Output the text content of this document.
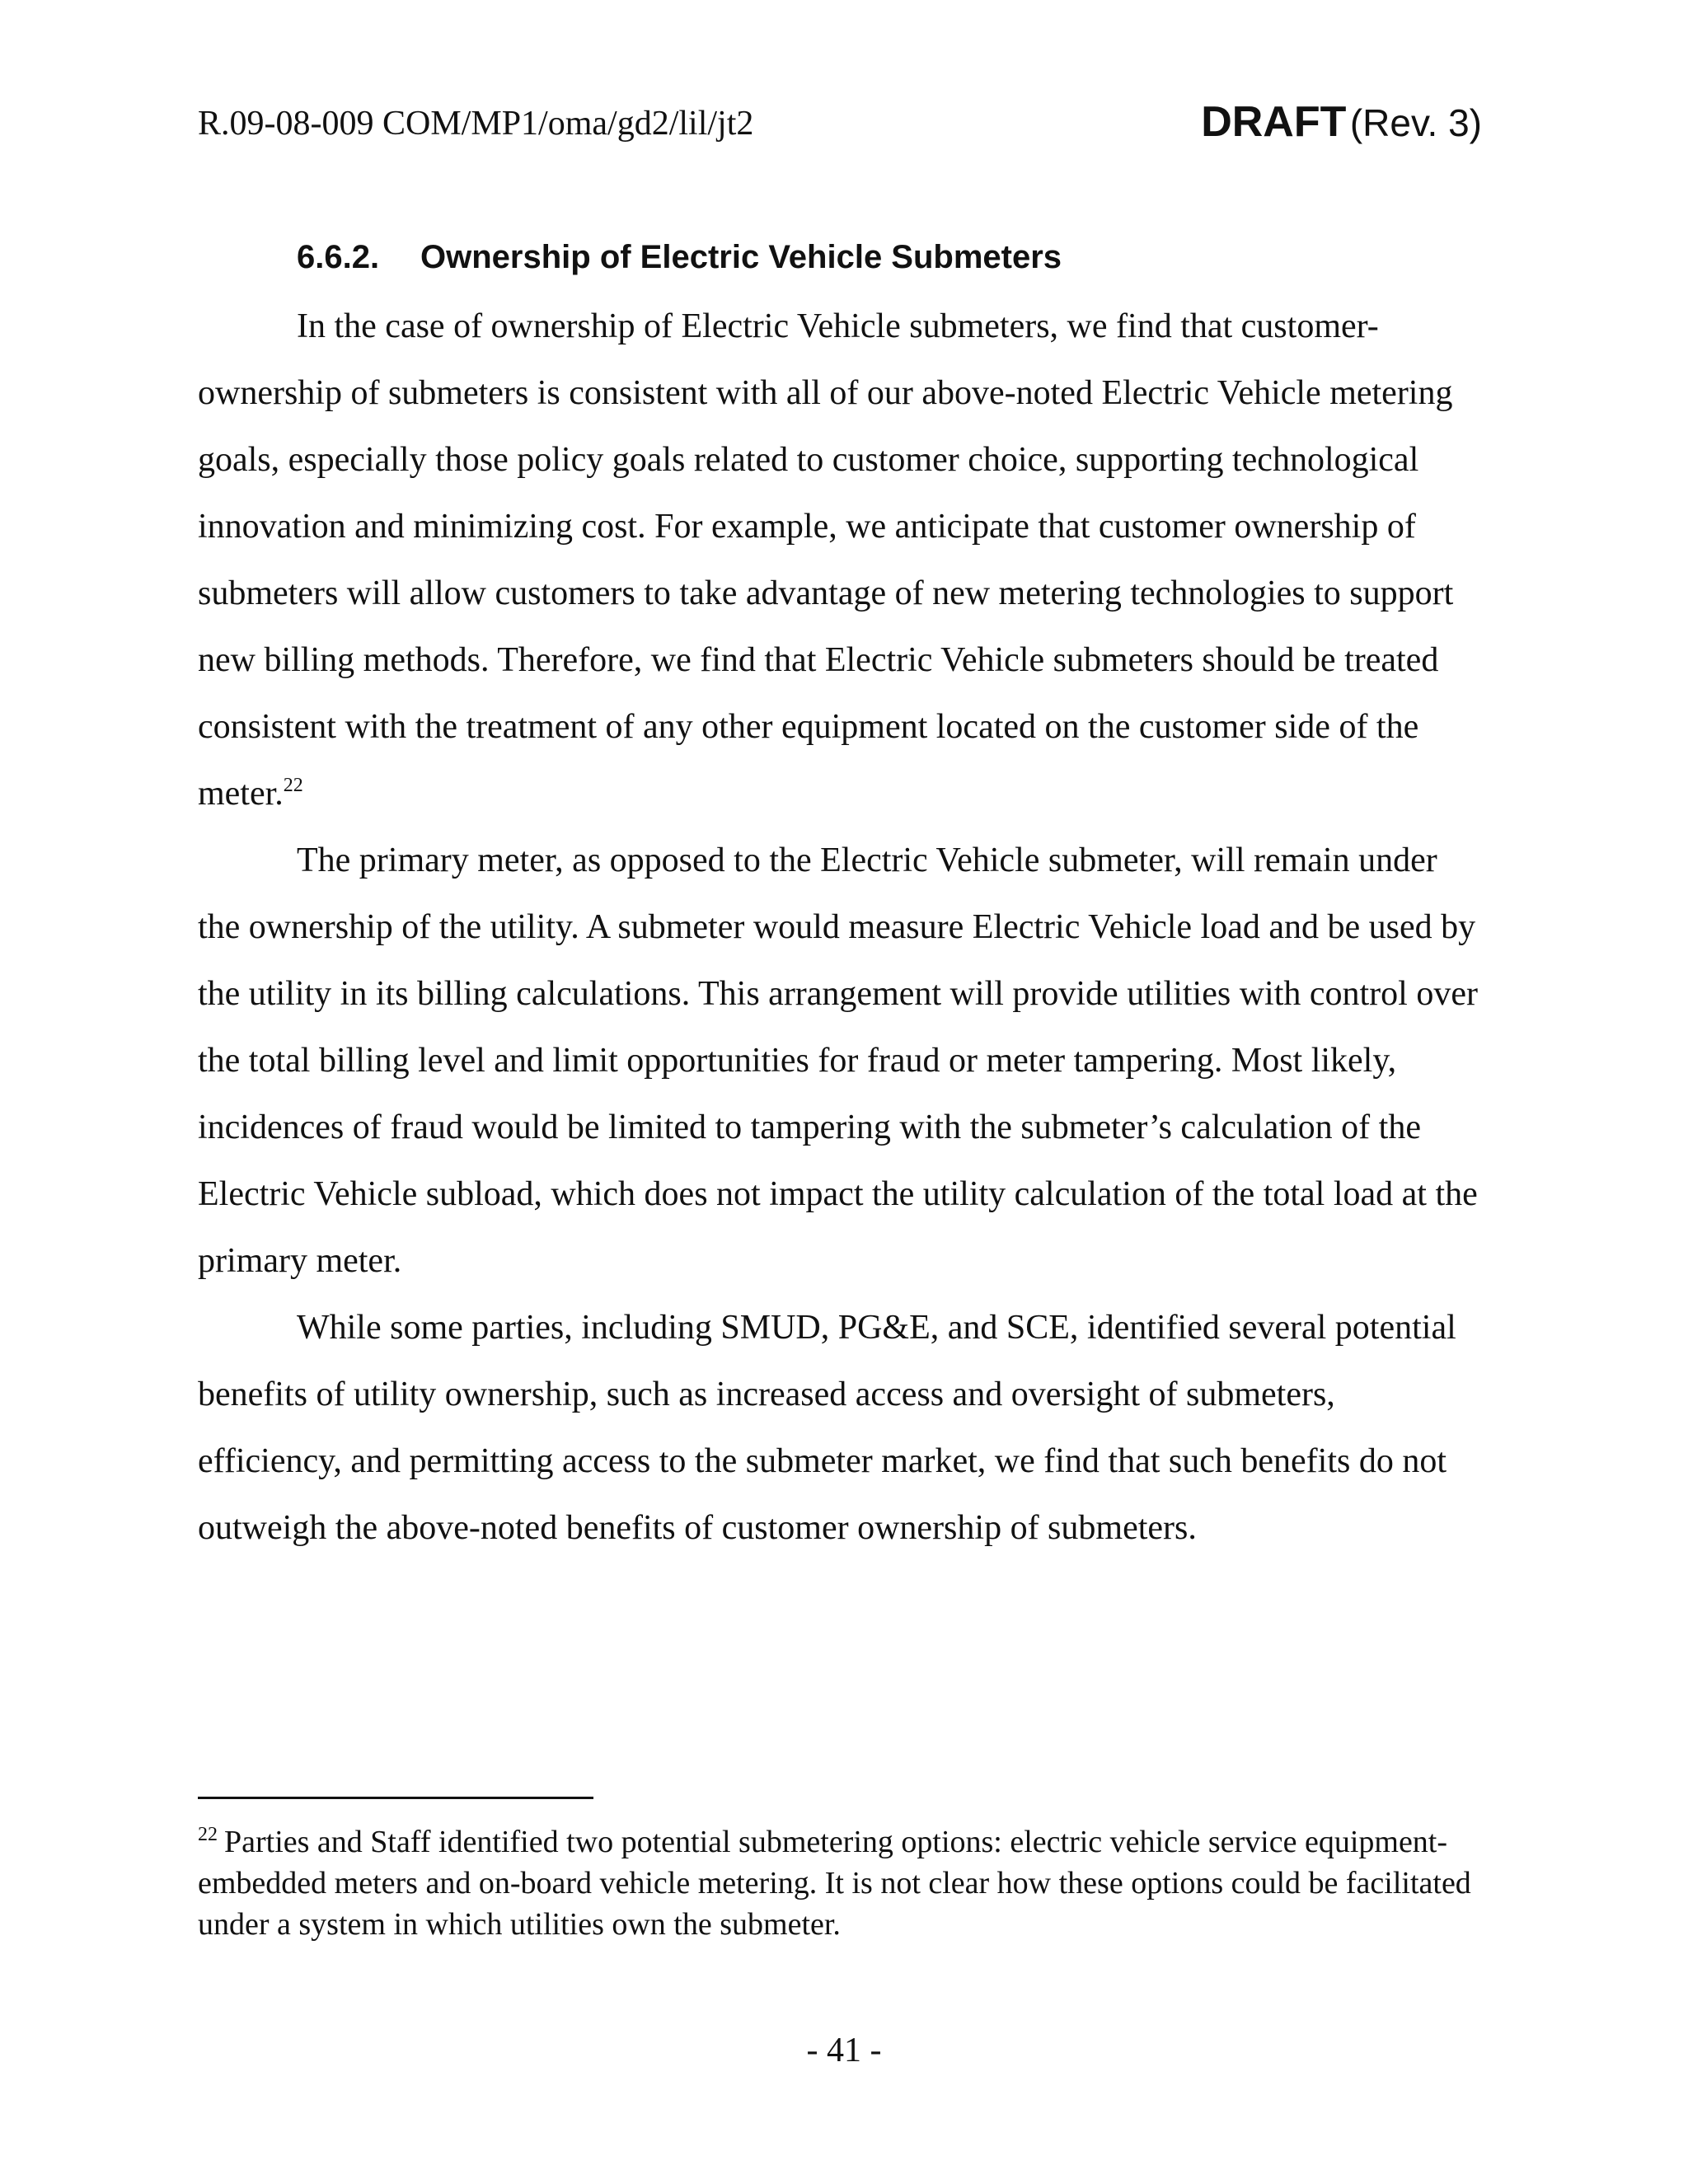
R.09-08-009 COM/MP1/oma/gd2/lil/jt2	DRAFT (Rev. 3)
6.6.2. Ownership of Electric Vehicle Submeters

In the case of ownership of Electric Vehicle submeters, we find that customer-ownership of submeters is consistent with all of our above-noted Electric Vehicle metering goals, especially those policy goals related to customer choice, supporting technological innovation and minimizing cost. For example, we anticipate that customer ownership of submeters will allow customers to take advantage of new metering technologies to support new billing methods. Therefore, we find that Electric Vehicle submeters should be treated consistent with the treatment of any other equipment located on the customer side of the meter.$^{22}$

The primary meter, as opposed to the Electric Vehicle submeter, will remain under the ownership of the utility. A submeter would measure Electric Vehicle load and be used by the utility in its billing calculations. This arrangement will provide utilities with control over the total billing level and limit opportunities for fraud or meter tampering. Most likely, incidences of fraud would be limited to tampering with the submeter’s calculation of the Electric Vehicle subload, which does not impact the utility calculation of the total load at the primary meter.

While some parties, including SMUD, PG&E, and SCE, identified several potential benefits of utility ownership, such as increased access and oversight of submeters, efficiency, and permitting access to the submeter market, we find that such benefits do not outweigh the above-noted benefits of customer ownership of submeters.

$^{22}$ Parties and Staff identified two potential submetering options: electric vehicle service equipment-embedded meters and on-board vehicle metering. It is not clear how these options could be facilitated under a system in which utilities own the submeter.
- 41 -
